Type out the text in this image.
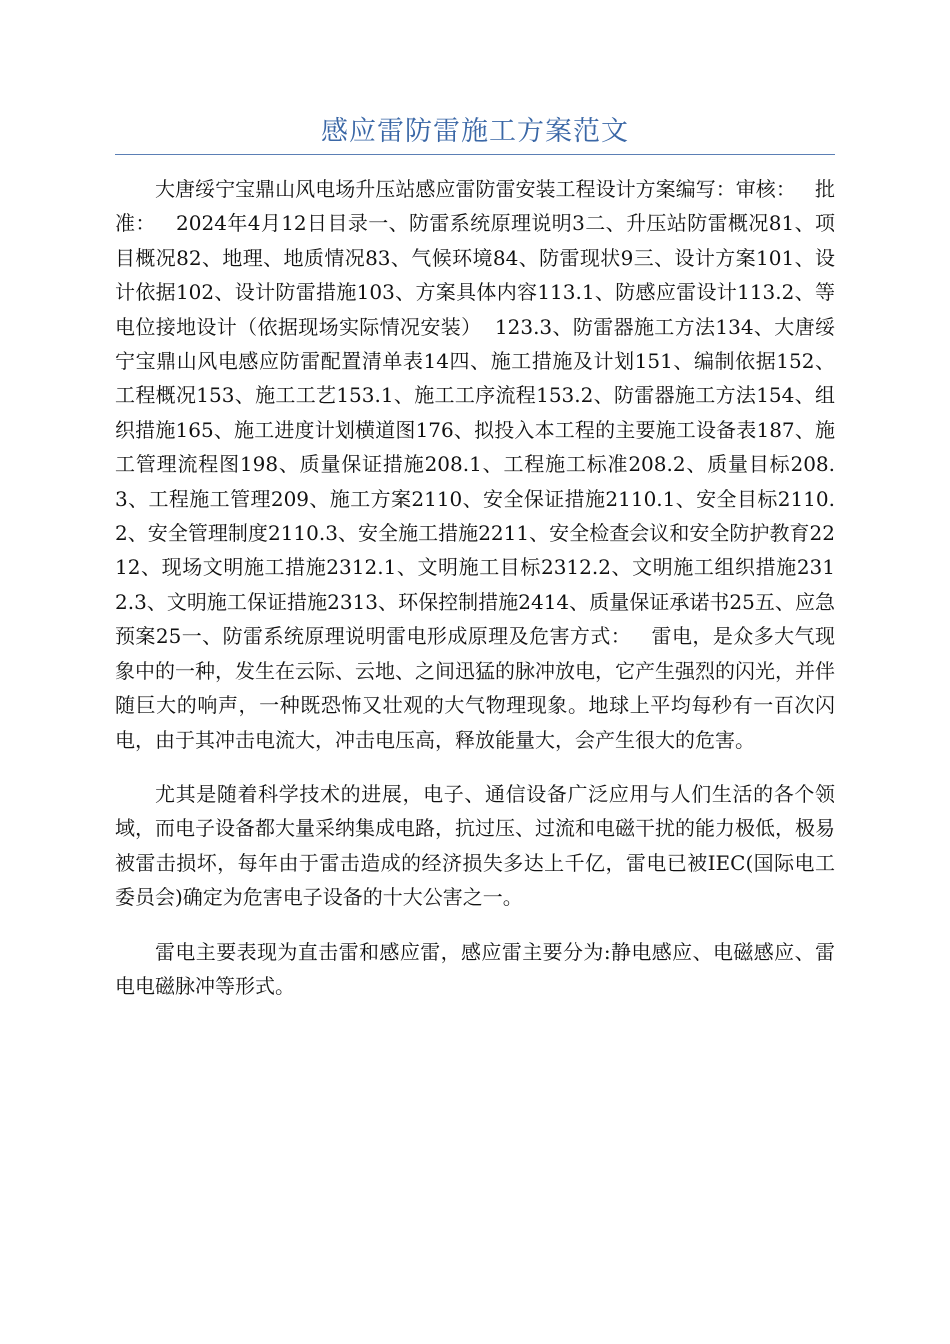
感应雷防雷施工方案范文

大唐绥宁宝鼎山风电场升压站感应雷防雷安装工程设计方案编写：审核：   批准：   2024年4月12日目录一、防雷系统原理说明3二、升压站防雷概况81、项目概况82、地理、地质情况83、气候环境84、防雷现状9三、设计方案101、设计依据102、设计防雷措施103、方案具体内容113.1、防感应雷设计113.2、等电位接地设计（依据现场实际情况安装）  123.3、防雷器施工方法134、大唐绥宁宝鼎山风电感应防雷配置清单表14四、施工措施及计划151、编制依据152、工程概况153、施工工艺153.1、施工工序流程153.2、防雷器施工方法154、组织措施165、施工进度计划横道图176、拟投入本工程的主要施工设备表187、施工管理流程图198、质量保证措施208.1、工程施工标准208.2、质量目标208.3、工程施工管理209、施工方案2110、安全保证措施2110.1、安全目标2110.2、安全管理制度2110.3、安全施工措施2211、安全检查会议和安全防护教育2212、现场文明施工措施2312.1、文明施工目标2312.2、文明施工组织措施2312.3、文明施工保证措施2313、环保控制措施2414、质量保证承诺书25五、应急预案25一、防雷系统原理说明雷电形成原理及危害方式：   雷电，是众多大气现象中的一种，发生在云际、云地、之间迅猛的脉冲放电，它产生强烈的闪光，并伴随巨大的响声，一种既恐怖又壮观的大气物理现象。地球上平均每秒有一百次闪电，由于其冲击电流大，冲击电压高，释放能量大，会产生很大的危害。

尤其是随着科学技术的进展，电子、通信设备广泛应用与人们生活的各个领域，而电子设备都大量采纳集成电路，抗过压、过流和电磁干扰的能力极低，极易被雷击损坏，每年由于雷击造成的经济损失多达上千亿，雷电已被IEC(国际电工委员会)确定为危害电子设备的十大公害之一。

雷电主要表现为直击雷和感应雷，感应雷主要分为:静电感应、电磁感应、雷电电磁脉冲等形式。
